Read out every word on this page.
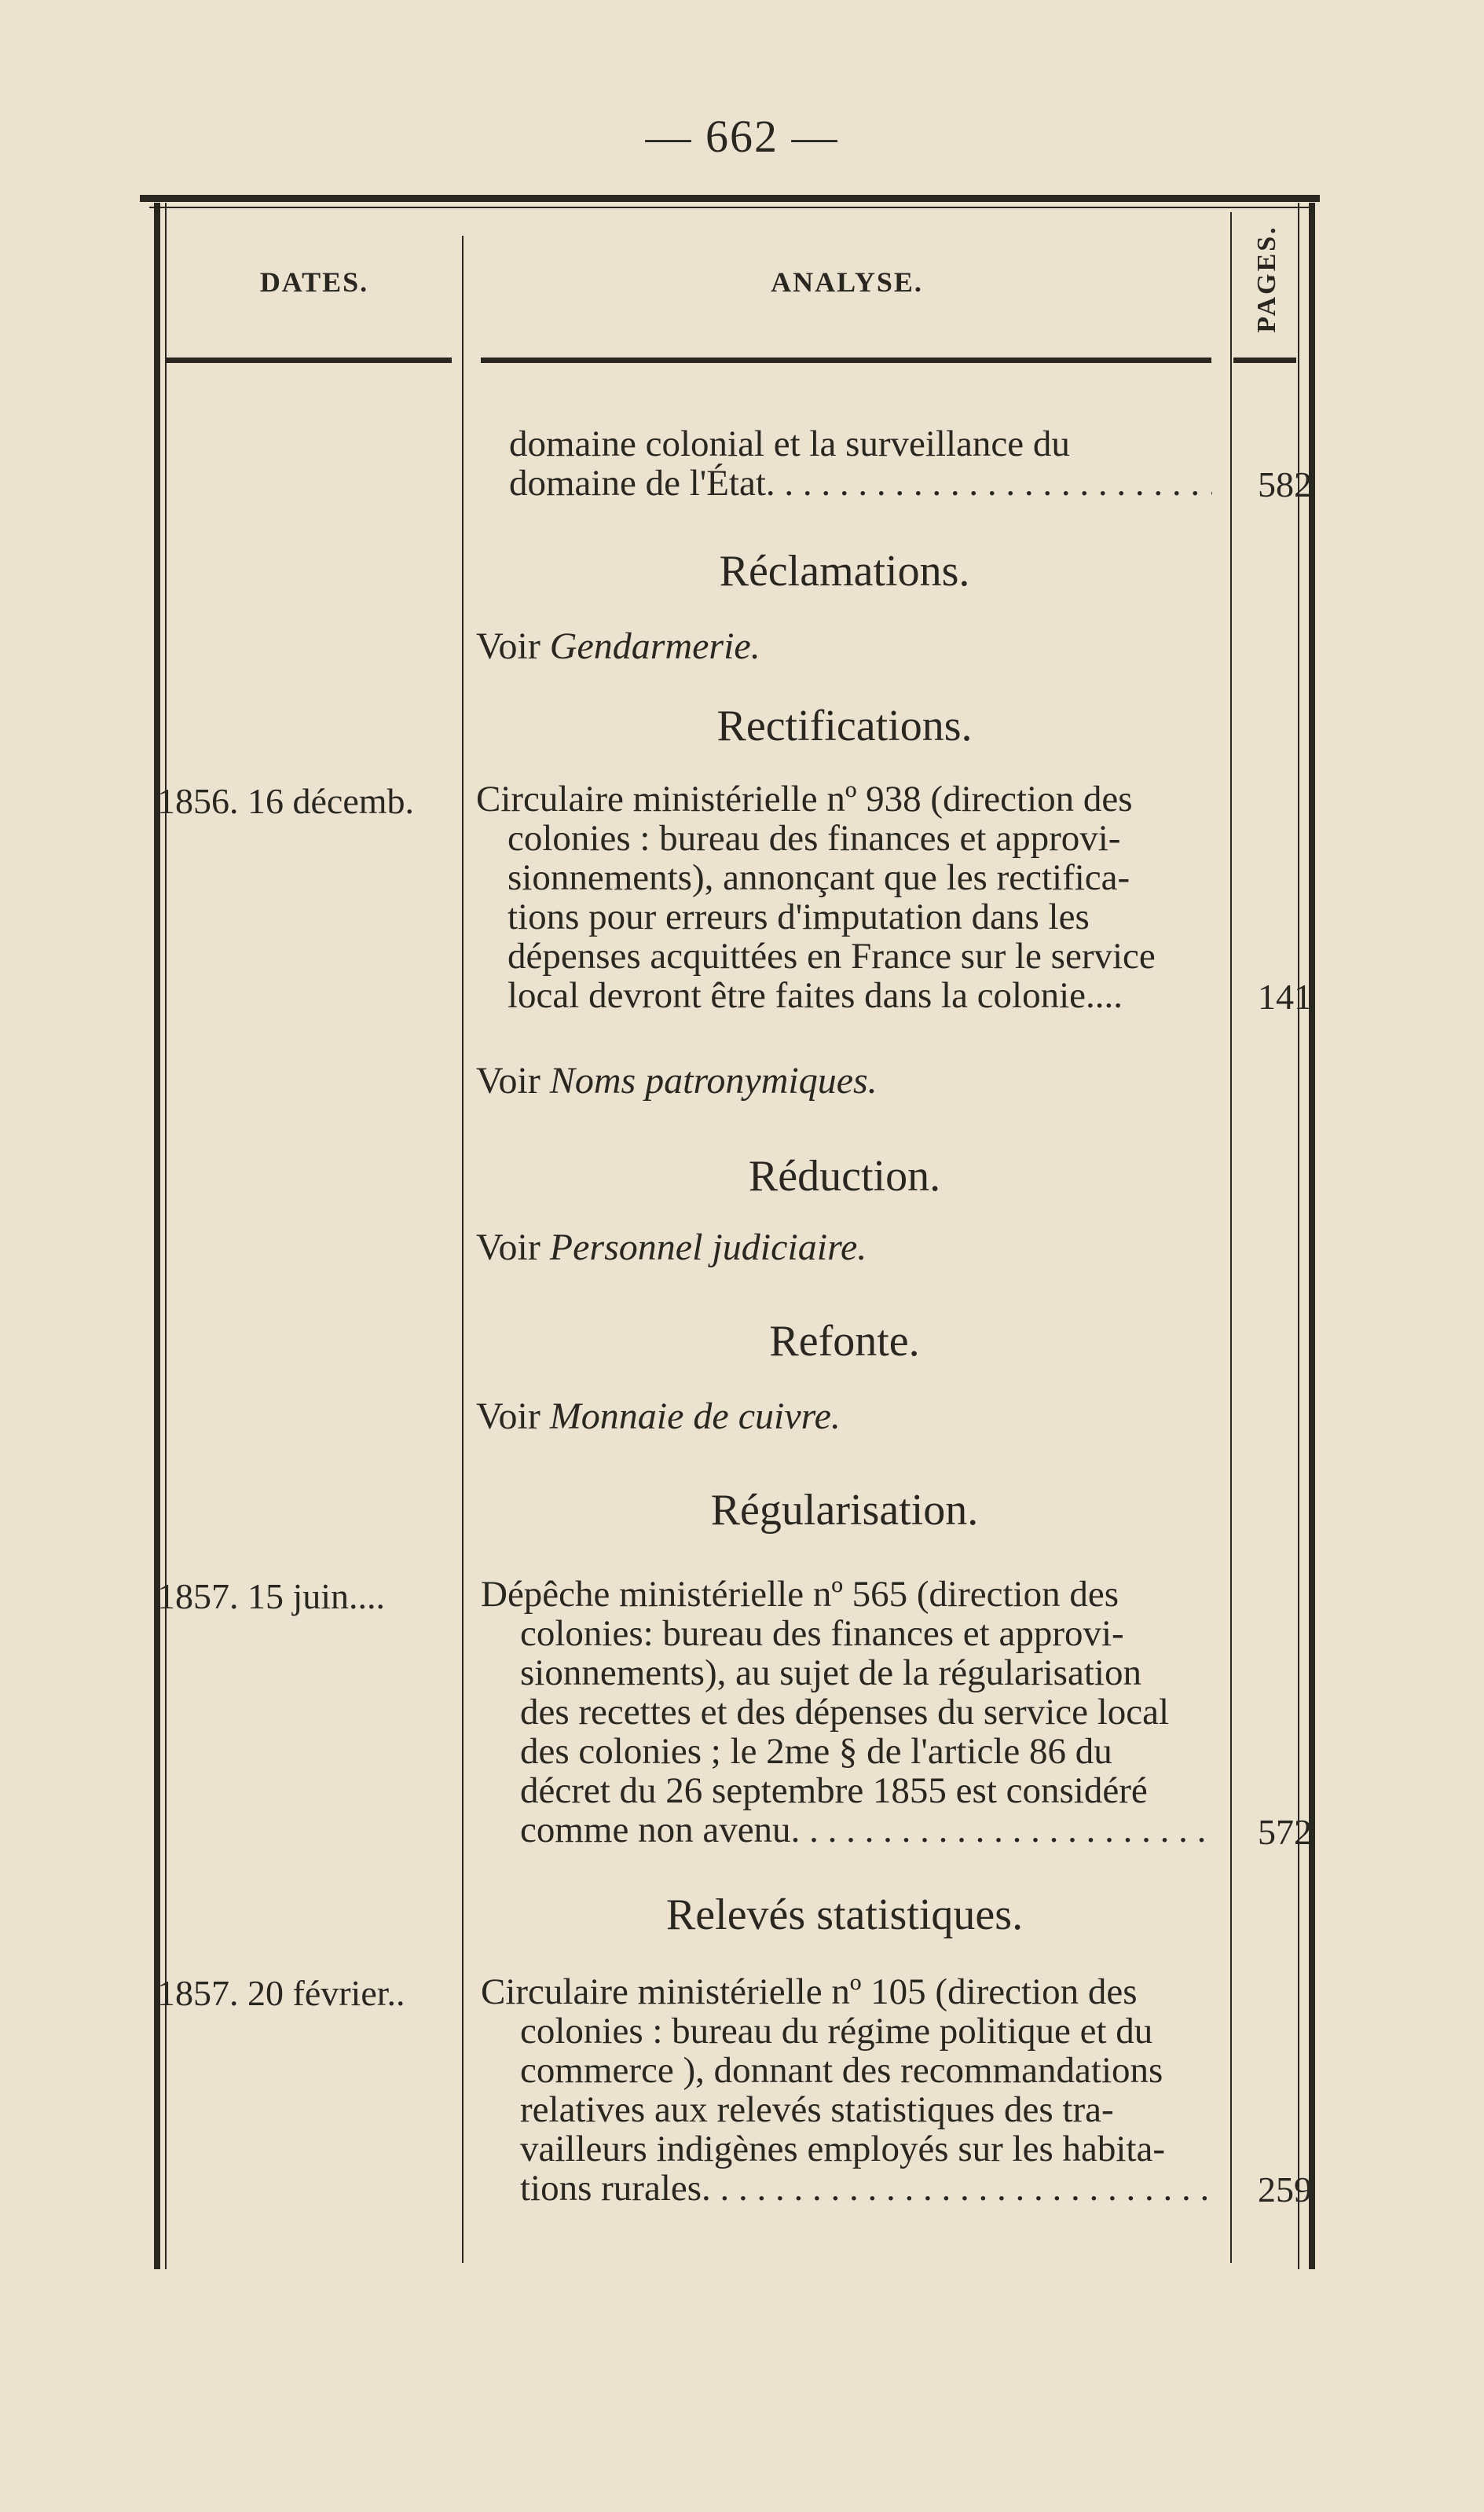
— 662 —
DATES.	ANALYSE.	PAGES.
domaine colonial et la surveillance du
domaine de l'État . . .	582
Réclamations.
Voir Gendarmerie.
Rectifications.
1856. 16 décemb. Circulaire ministérielle nº 938 (direction des
colonies : bureau des finances et approvi-
sionnements), annonçant que les rectifica-
tions pour erreurs d'imputation dans les
dépenses acquittées en France sur le service
local devront être faites dans la colonie....	141
Voir Noms patronymiques.
Réduction.
Voir Personnel judiciaire.
Refonte.
Voir Monnaie de cuivre.
Régularisation.
1857. 15 juin....	Dépêche ministérielle nº 565 (direction des
colonies: bureau des finances et approvi-
sionnements), au sujet de la régularisation
des recettes et des dépenses du service local
des colonies ; le 2me § de l'article 86 du
décret du 26 septembre 1855 est considéré
comme non avenu . . .	572
Relevés statistiques.
1857. 20 février.. Circulaire ministérielle nº 105 (direction des
colonies : bureau du régime politique et du
commerce ), donnant des recommandations
relatives aux relevés statistiques des tra-
vailleurs indigènes employés sur les habita-
tions rurales . . .	259
